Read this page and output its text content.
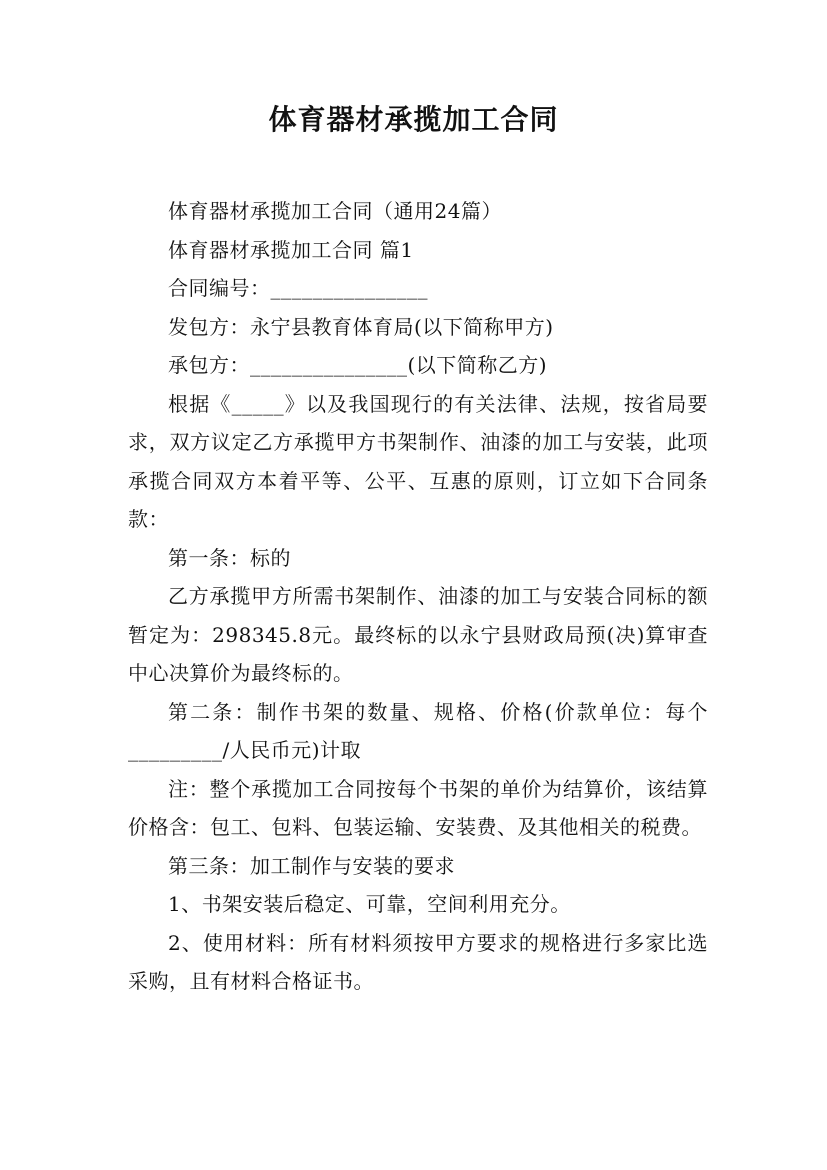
体育器材承揽加工合同

体育器材承揽加工合同（通用24篇）

体育器材承揽加工合同 篇1

合同编号：_______________

发包方：永宁县教育体育局(以下简称甲方)

承包方：_______________(以下简称乙方)

根据《_____》以及我国现行的有关法律、法规，按省局要求，双方议定乙方承揽甲方书架制作、油漆的加工与安装，此项承揽合同双方本着平等、公平、互惠的原则，订立如下合同条款：

第一条：标的

乙方承揽甲方所需书架制作、油漆的加工与安装合同标的额暂定为：298345.8元。最终标的以永宁县财政局预(决)算审查中心决算价为最终标的。

第二条：制作书架的数量、规格、价格(价款单位：每个_________/人民币元)计取

注：整个承揽加工合同按每个书架的单价为结算价，该结算价格含：包工、包料、包装运输、安装费、及其他相关的税费。

第三条：加工制作与安装的要求

1、书架安装后稳定、可靠，空间利用充分。

2、使用材料：所有材料须按甲方要求的规格进行多家比选采购，且有材料合格证书。
